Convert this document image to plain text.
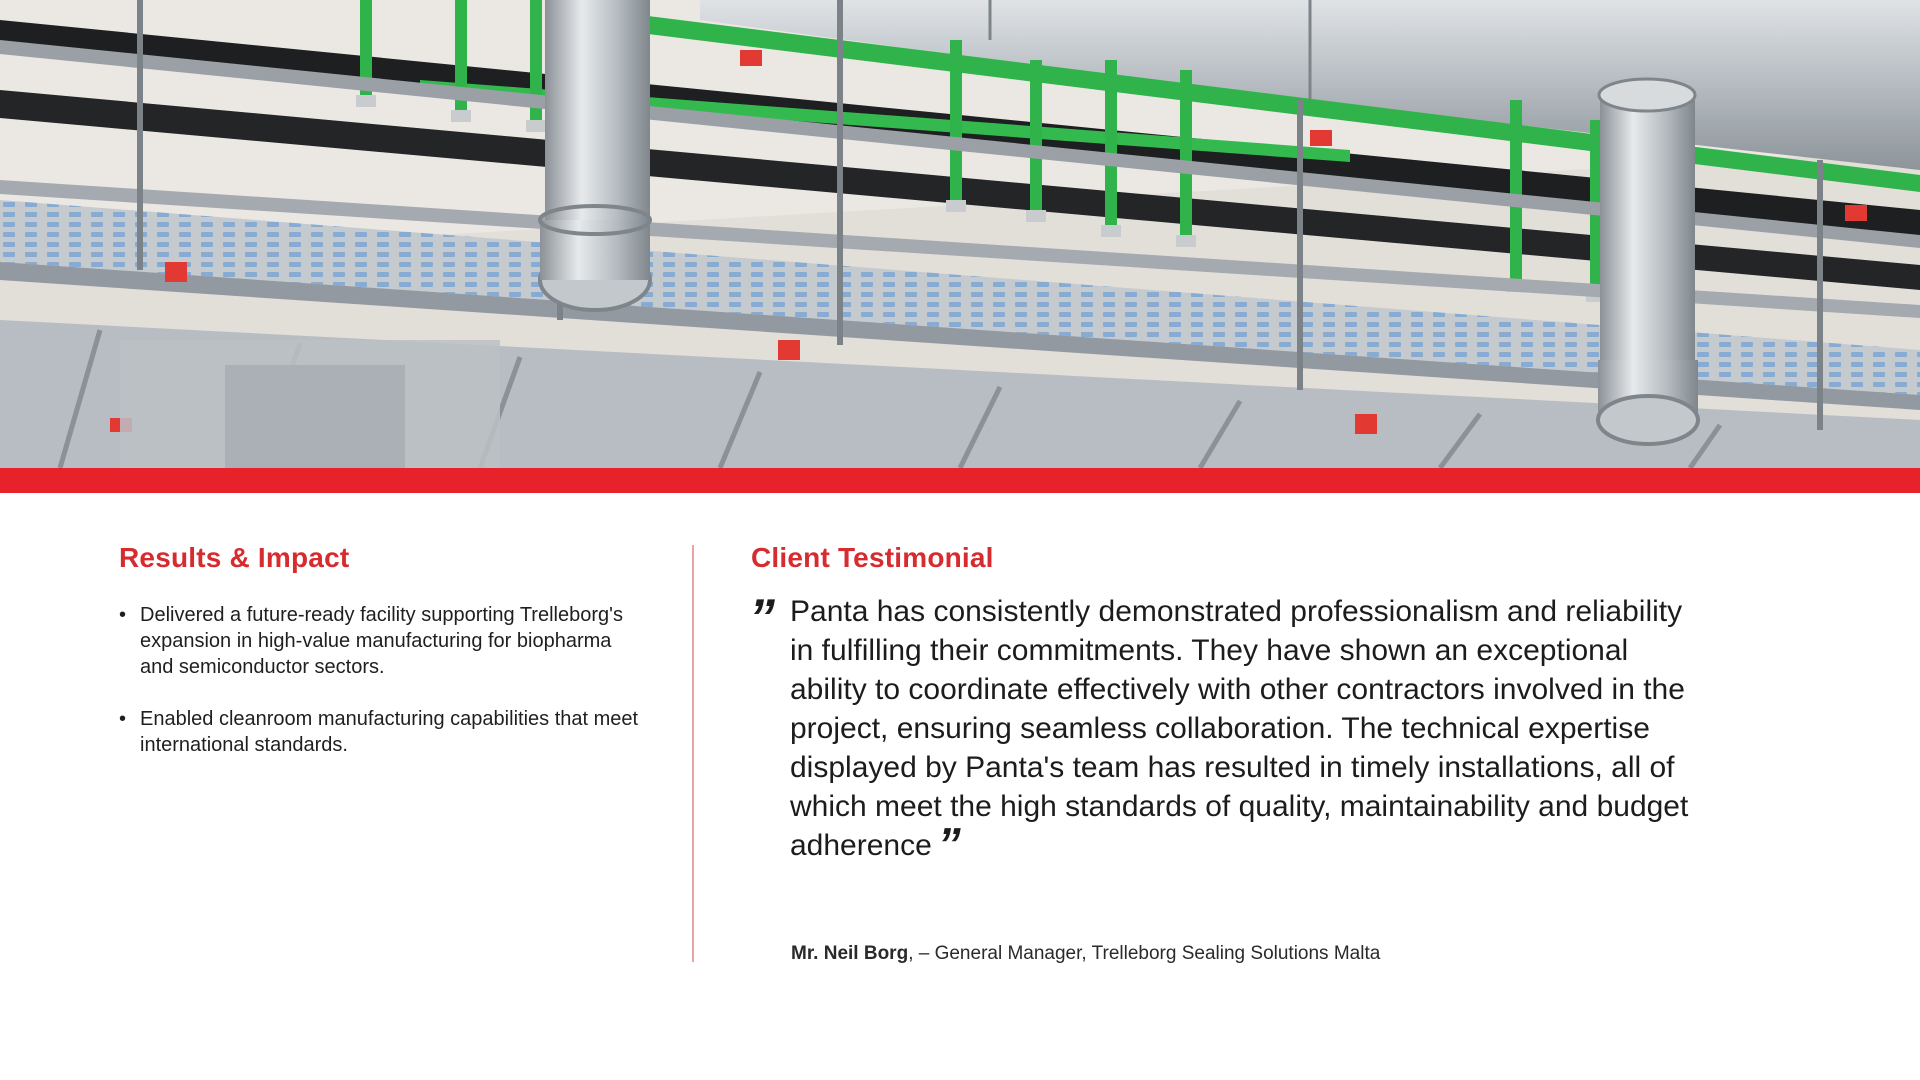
Results & Impact
• Delivered a future-ready facility supporting Trelleborg's expansion in high-value manufacturing for biopharma and semiconductor sectors.
• Enabled cleanroom manufacturing capabilities that meet international standards.
Client Testimonial
” Panta has consistently demonstrated professionalism and reliability in fulfilling their commitments. They have shown an exceptional ability to coordinate effectively with other contractors involved in the project, ensuring seamless collaboration. The technical expertise displayed by Panta's team has resulted in timely installations, all of which meet the high standards of quality, maintainability and budget adherence ”

Mr. Neil Borg, – General Manager, Trelleborg Sealing Solutions Malta
